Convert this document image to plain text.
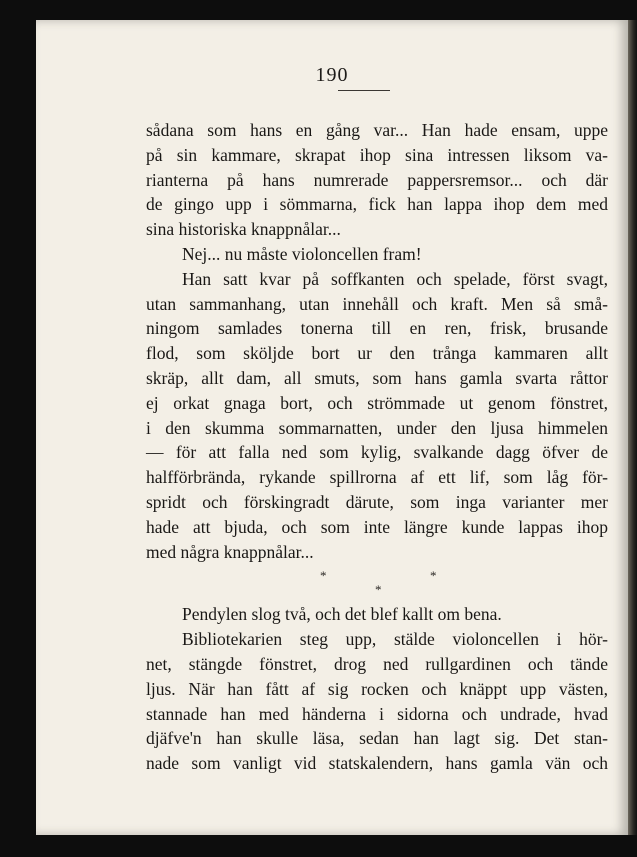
190
sådana som hans en gång var... Han hade ensam, uppe
på sin kammare, skrapat ihop sina intressen liksom va-
rianterna på hans numrerade pappersremsor... och där
de gingo upp i sömmarna, fick han lappa ihop dem med
sina historiska knappnålar...
Nej... nu måste violoncellen fram!
Han satt kvar på soffkanten och spelade, först svagt,
utan sammanhang, utan innehåll och kraft. Men så små-
ningom samlades tonerna till en ren, frisk, brusande
flod, som sköljde bort ur den trånga kammaren allt
skräp, allt dam, all smuts, som hans gamla svarta råttor
ej orkat gnaga bort, och strömmade ut genom fönstret,
i den skumma sommarnatten, under den ljusa himmelen
— för att falla ned som kylig, svalkande dagg öfver de
halfförbrända, rykande spillrorna af ett lif, som låg för-
spridt och förskingradt därute, som inga varianter mer
hade att bjuda, och som inte längre kunde lappas ihop
med några knappnålar...
*	*
*
Pendylen slog två, och det blef kallt om bena.
Bibliotekarien steg upp, stälde violoncellen i hör-
net, stängde fönstret, drog ned rullgardinen och tände
ljus. När han fått af sig rocken och knäppt upp västen,
stannade han med händerna i sidorna och undrade, hvad
djäfve'n han skulle läsa, sedan han lagt sig. Det stan-
nade som vanligt vid statskalendern, hans gamla vän och
